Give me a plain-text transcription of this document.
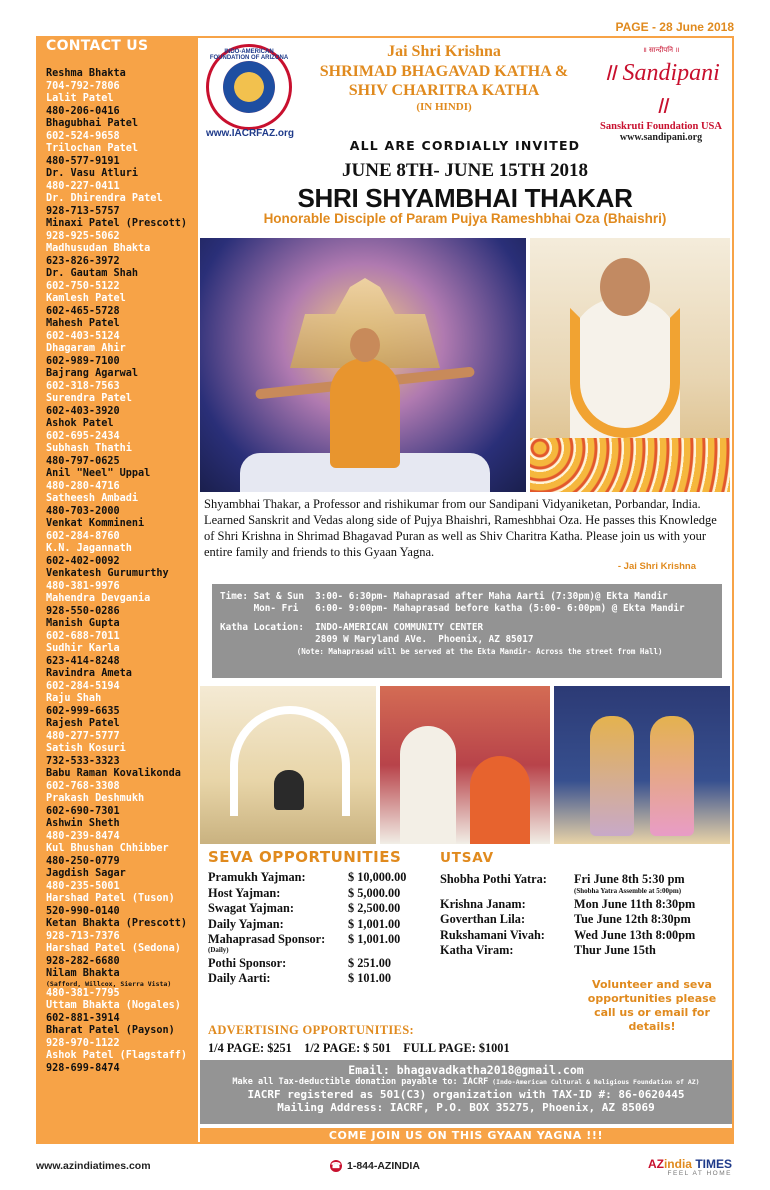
PAGE - 28 June 2018
CONTACT US
Reshma Bhakta
704-792-7806
Lalit Patel
480-206-0416
Bhagubhai Patel
602-524-9658
Trilochan Patel
480-577-9191
Dr. Vasu Atluri
480-227-0411
Dr. Dhirendra Patel
928-713-5757
Minaxi Patel (Prescott)
928-925-5062
Madhusudan Bhakta
623-826-3972
Dr. Gautam Shah
602-750-5122
Kamlesh Patel
602-465-5728
Mahesh Patel
602-403-5124
Dhagaram Ahir
602-989-7100
Bajrang Agarwal
602-318-7563
Surendra Patel
602-403-3920
Ashok Patel
602-695-2434
Subhash Thathi
480-797-0625
Anil "Neel" Uppal
480-280-4716
Satheesh Ambadi
480-703-2000
Venkat Kommineni
602-284-8760
K.N. Jagannath
602-402-0092
Venkatesh Gurumurthy
480-381-9976
Mahendra Devgania
928-550-0286
Manish Gupta
602-688-7011
Sudhir Karla
623-414-8248
Ravindra Ameta
602-284-5194
Raju Shah
602-999-6635
Rajesh Patel
480-277-5777
Satish Kosuri
732-533-3323
Babu Raman Kovalikonda
602-768-3308
Prakash Deshmukh
602-690-7301
Ashwin Sheth
480-239-8474
Kul Bhushan Chhibber
480-250-0779
Jagdish Sagar
480-235-5001
Harshad Patel (Tuson)
520-990-0140
Ketan Bhakta (Prescott)
928-713-7376
Harshad Patel (Sedona)
928-282-6680
Nilam Bhakta
(Safford, Willcox, Sierra Vista)
480-381-7795
Uttam Bhakta (Nogales)
602-881-3914
Bharat Patel (Payson)
928-970-1122
Ashok Patel (Flagstaff)
928-699-8474
INDO-AMERICAN FOUNDATION OF ARIZONA
www.IACRFAZ.org
Jai Shri Krishna
SHRIMAD BHAGAVAD KATHA &
SHIV CHARITRA KATHA
(IN HINDI)
॥ सान्दीपनि ॥
॥ Sandipani ॥
Sanskruti Foundation USA
www.sandipani.org
ALL ARE CORDIALLY INVITED
JUNE 8TH- JUNE 15TH 2018
SHRI SHYAMBHAI THAKAR
Honorable Disciple of Param Pujya Rameshbhai Oza (Bhaishri)
Shyambhai Thakar, a Professor and rishikumar from our Sandipani Vidyaniketan, Porbandar, India. Learned Sanskrit and Vedas along side of Pujya Bhaishri, Rameshbhai Oza. He passes this Knowledge of Shri Krishna in Shrimad Bhagavad Puran as well as Shiv Charitra Katha. Please join us with your entire family and friends to this Gyaan Yagna.
- Jai Shri Krishna
Time: Sat & Sun  3:00- 6:30pm- Mahaprasad after Maha Aarti (7:30pm)@ Ekta Mandir
Mon- Fri   6:00- 9:00pm- Mahaprasad before katha (5:00- 6:00pm) @ Ekta Mandir
Katha Location:  INDO-AMERICAN COMMUNITY CENTER
2809 W Maryland AVe.  Phoenix, AZ 85017
(Note: Mahaprasad will be served at the Ekta Mandir- Across the street from Hall)
SEVA OPPORTUNITIES
Pramukh Yajman:	$ 10,000.00
Host Yajman:	$ 5,000.00
Swagat Yajman:	$ 2,500.00
Daily Yajman:	$ 1,001.00
Mahaprasad Sponsor: $ 1,001.00
(Daily)
Pothi Sponsor:	$ 251.00
Daily Aarti:	$ 101.00
UTSAV
Shobha Pothi Yatra: Fri June 8th 5:30 pm
(Shobha Yatra Assemble at 5:00pm)
Krishna Janam:	Mon June 11th 8:30pm
Goverthan Lila:	Tue June 12th 8:30pm
Rukshamani Vivah: Wed June 13th 8:00pm
Katha Viram:	Thur June 15th
Volunteer and seva opportunities please call us or email for details!
ADVERTISING OPPORTUNITIES:
1/4 PAGE: $251    1/2 PAGE: $ 501    FULL PAGE: $1001
Email: bhagavadkatha2018@gmail.com
Make all Tax-deductible donation payable to: IACRF (Indo-American Cultural & Religious Foundation of AZ)
IACRF registered as 501(C3) organization with TAX-ID #: 86-0620445
Mailing Address: IACRF, P.O. BOX 35275, Phoenix, AZ 85069
COME JOIN US ON THIS GYAAN YAGNA !!!
www.azindiatimes.com	☎ 1-844-AZINDIA	AZindia TIMES
FEEL AT HOME
